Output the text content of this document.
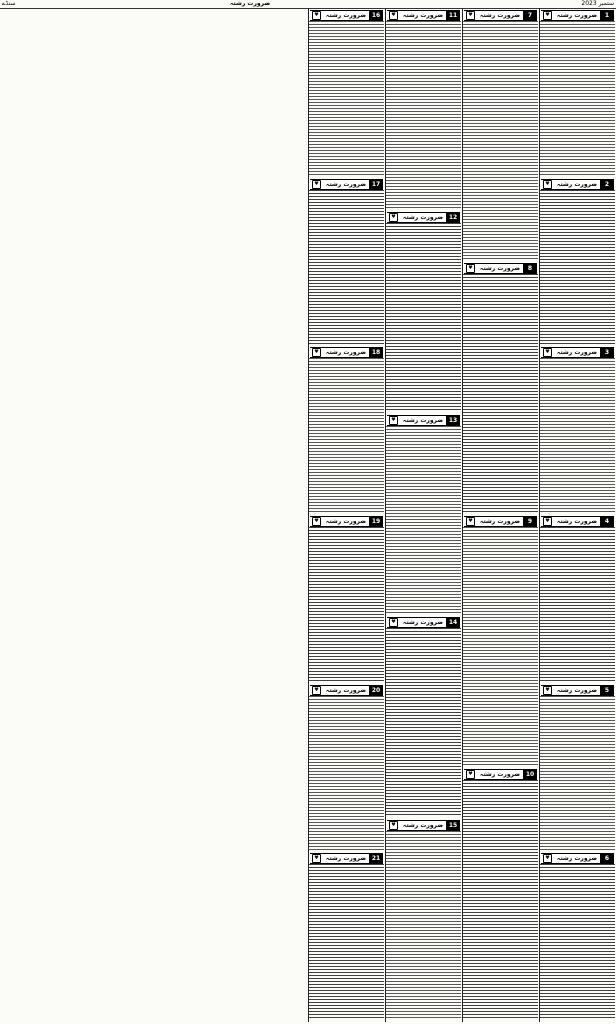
2023 ستمبر
ضرورت رشتہ
سنڈے
♥	ضرورت رشتہ	1
♥	ضرورت رشتہ	2
♥	ضرورت رشتہ	3
♥	ضرورت رشتہ	4
♥	ضرورت رشتہ	5
♥	ضرورت رشتہ	6
♥	ضرورت رشتہ	7
♥	ضرورت رشتہ	8
♥	ضرورت رشتہ	9
♥	ضرورت رشتہ 10
♥	ضرورت رشتہ 11
♥	ضرورت رشتہ 12
♥	ضرورت رشتہ 13
♥	ضرورت رشتہ 14
♥	ضرورت رشتہ 15
♥	ضرورت رشتہ 16
♥	ضرورت رشتہ 17
♥	ضرورت رشتہ 18
♥	ضرورت رشتہ 19
♥	ضرورت رشتہ 20
♥	ضرورت رشتہ 21
